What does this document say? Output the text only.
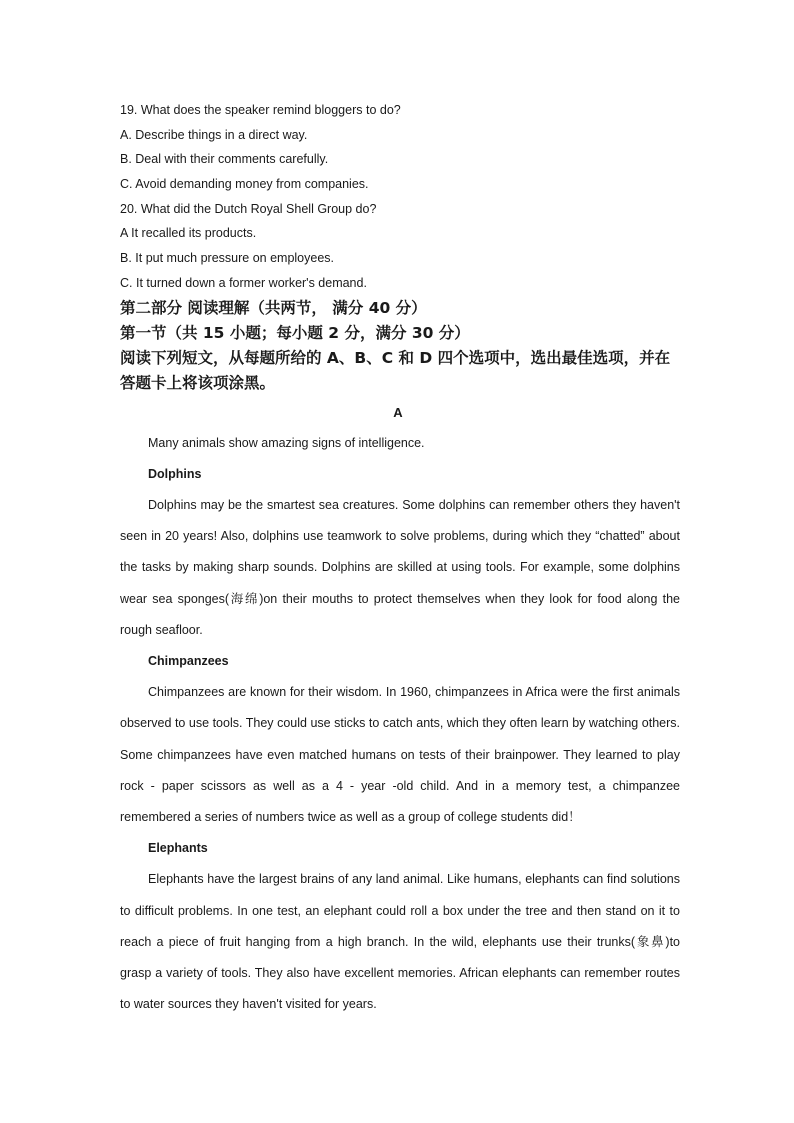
19. What does the speaker remind bloggers to do?
A. Describe things in a direct way.
B. Deal with their comments carefully.
C. Avoid demanding money from companies.
20. What did the Dutch Royal Shell Group do?
A It recalled its products.
B. It put much pressure on employees.
C. It turned down a former worker's demand.
第二部分 阅读理解（共两节， 满分 40 分）
第一节（共 15 小题；每小题 2 分，满分 30 分）
阅读下列短文，从每题所给的 A、B、C 和 D 四个选项中，选出最佳选项，并在
答题卡上将该项涂黑。
A

Many animals show amazing signs of intelligence.

Dolphins

Dolphins may be the smartest sea creatures. Some dolphins can remember others they haven't seen in 20 years! Also, dolphins use teamwork to solve problems, during which they “chatted” about the tasks by making sharp sounds. Dolphins are skilled at using tools. For example, some dolphins wear sea sponges(海绵)on their mouths to protect themselves when they look for food along the rough seafloor.

Chimpanzees

Chimpanzees are known for their wisdom. In 1960, chimpanzees in Africa were the first animals observed to use tools. They could use sticks to catch ants, which they often learn by watching others. Some chimpanzees have even matched humans on tests of their brainpower. They learned to play rock - paper scissors as well as a 4 - year -old child. And in a memory test, a chimpanzee remembered a series of numbers twice as well as a group of college students did！

Elephants

Elephants have the largest brains of any land animal. Like humans, elephants can find solutions to difficult problems. In one test, an elephant could roll a box under the tree and then stand on it to reach a piece of fruit hanging from a high branch. In the wild, elephants use their trunks(象鼻)to grasp a variety of tools. They also have excellent memories. African elephants can remember routes to water sources they haven't visited for years.
